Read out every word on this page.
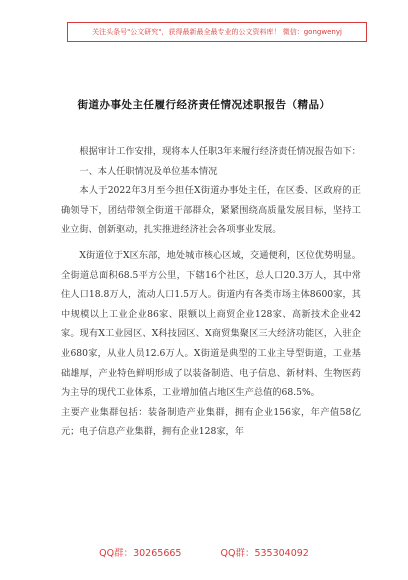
关注头条号"公文研究"，获得最新最全最专业的公文资料库！ 微信：gongwenyj
街道办事处主任履行经济责任情况述职报告（精品）

根据审计工作安排，现将本人任职3年来履行经济责任情况报告如下：

一、本人任职情况及单位基本情况

本人于2022年3月至今担任X街道办事处主任，在区委、区政府的正确领导下，团结带领全街道干部群众，紧紧围绕高质量发展目标，坚持工业立街、创新驱动，扎实推进经济社会各项事业发展。

X街道位于X区东部，地处城市核心区域，交通便利，区位优势明显。全街道总面积68.5平方公里，下辖16个社区，总人口20.3万人，其中常住人口18.8万人，流动人口1.5万人。街道内有各类市场主体8600家，其中规模以上工业企业86家、限额以上商贸企业128家、高新技术企业42家。现有X工业园区、X科技园区、X商贸集聚区三大经济功能区，入驻企业680家，从业人员12.6万人。X街道是典型的工业主导型街道，工业基础雄厚，产业特色鲜明形成了以装备制造、电子信息、新材料、生物医药为主导的现代工业体系，工业增加值占地区生产总值的68.5%。

主要产业集群包括：装备制造产业集群，拥有企业156家，年产值58亿元；电子信息产业集群，拥有企业128家，年

QQ群：30265665	QQ群：535304092
